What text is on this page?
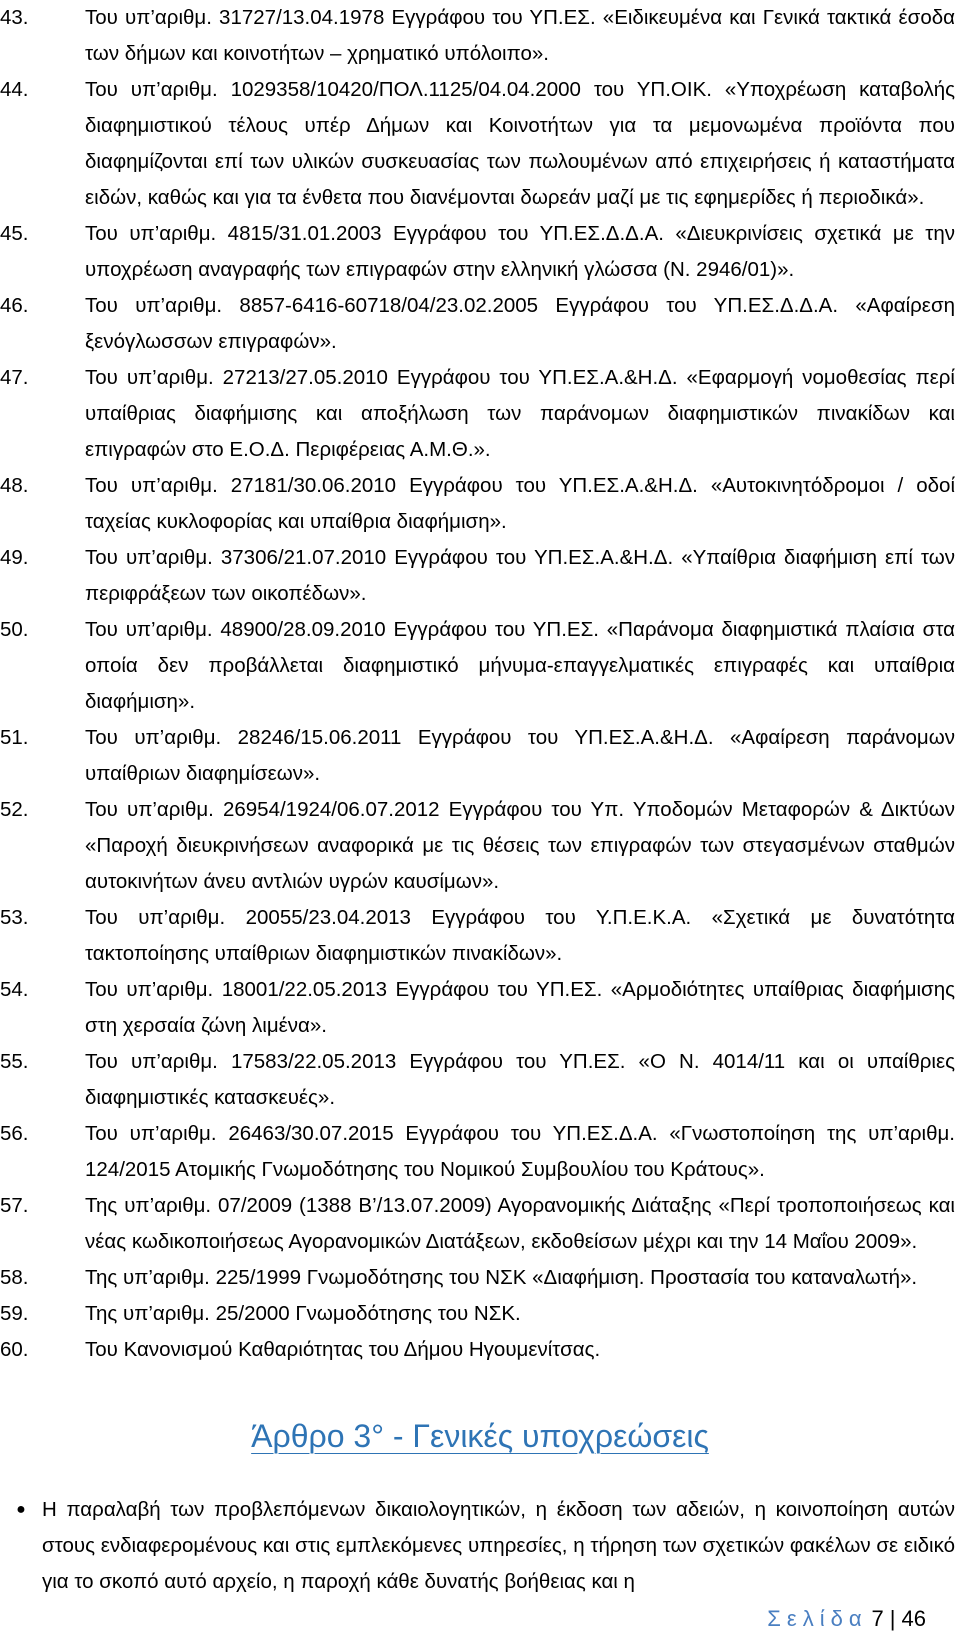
43.	Του υπ’αριθμ. 31727/13.04.1978 Εγγράφου του ΥΠ.ΕΣ. «Ειδικευμένα και Γενικά τακτικά έσοδα των δήμων και κοινοτήτων – χρηματικό υπόλοιπο».
44.	Του υπ’αριθμ. 1029358/10420/ΠΟΛ.1125/04.04.2000 του ΥΠ.ΟΙΚ. «Υποχρέωση καταβολής διαφημιστικού τέλους υπέρ Δήμων και Κοινοτήτων για τα μεμονωμένα προϊόντα που διαφημίζονται επί των υλικών συσκευασίας των πωλουμένων από επιχειρήσεις ή καταστήματα ειδών, καθώς και για τα ένθετα που διανέμονται δωρεάν μαζί με τις εφημερίδες ή περιοδικά».
45.	Του υπ’αριθμ. 4815/31.01.2003 Εγγράφου του ΥΠ.ΕΣ.Δ.Δ.Α. «Διευκρινίσεις σχετικά με την υποχρέωση αναγραφής των επιγραφών στην ελληνική γλώσσα (Ν. 2946/01)».
46.	Του υπ’αριθμ. 8857-6416-60718/04/23.02.2005 Εγγράφου του ΥΠ.ΕΣ.Δ.Δ.Α. «Αφαίρεση ξενόγλωσσων επιγραφών».
47.	Του υπ’αριθμ. 27213/27.05.2010 Εγγράφου του ΥΠ.ΕΣ.Α.&Η.Δ. «Εφαρμογή νομοθεσίας περί υπαίθριας διαφήμισης και αποξήλωση των παράνομων διαφημιστικών πινακίδων και επιγραφών στο Ε.Ο.Δ. Περιφέρειας Α.Μ.Θ.».
48.	Του υπ’αριθμ. 27181/30.06.2010 Εγγράφου του ΥΠ.ΕΣ.Α.&Η.Δ. «Αυτοκινητόδρομοι / οδοί ταχείας κυκλοφορίας και υπαίθρια διαφήμιση».
49.	Του υπ’αριθμ. 37306/21.07.2010 Εγγράφου του ΥΠ.ΕΣ.Α.&Η.Δ. «Υπαίθρια διαφήμιση επί των περιφράξεων των οικοπέδων».
50.	Του υπ’αριθμ. 48900/28.09.2010 Εγγράφου του ΥΠ.ΕΣ. «Παράνομα διαφημιστικά πλαίσια στα οποία δεν προβάλλεται διαφημιστικό μήνυμα-επαγγελματικές επιγραφές και υπαίθρια διαφήμιση».
51.	Του υπ’αριθμ. 28246/15.06.2011 Εγγράφου του ΥΠ.ΕΣ.Α.&Η.Δ. «Αφαίρεση παράνομων υπαίθριων διαφημίσεων».
52.	Του υπ’αριθμ. 26954/1924/06.07.2012 Εγγράφου του Υπ. Υποδομών Μεταφορών & Δικτύων «Παροχή διευκρινήσεων αναφορικά με τις θέσεις των επιγραφών των στεγασμένων σταθμών αυτοκινήτων άνευ αντλιών υγρών καυσίμων».
53.	Του υπ’αριθμ. 20055/23.04.2013 Εγγράφου του Υ.Π.Ε.Κ.Α. «Σχετικά με δυνατότητα τακτοποίησης υπαίθριων διαφημιστικών πινακίδων».
54.	Του υπ’αριθμ. 18001/22.05.2013 Εγγράφου του ΥΠ.ΕΣ. «Αρμοδιότητες υπαίθριας διαφήμισης στη χερσαία ζώνη λιμένα».
55.	Του υπ’αριθμ. 17583/22.05.2013 Εγγράφου του ΥΠ.ΕΣ. «Ο Ν. 4014/11 και οι υπαίθριες διαφημιστικές κατασκευές».
56.	Του υπ’αριθμ. 26463/30.07.2015 Εγγράφου του ΥΠ.ΕΣ.Δ.Α. «Γνωστοποίηση της υπ’αριθμ. 124/2015 Ατομικής Γνωμοδότησης του Νομικού Συμβουλίου του Κράτους».
57.	Της υπ’αριθμ. 07/2009 (1388 Β’/13.07.2009) Αγορανομικής Διάταξης «Περί τροποποιήσεως και νέας κωδικοποιήσεως Αγορανομικών Διατάξεων, εκδοθείσων μέχρι και την 14 Μαΐου 2009».
58.	Της υπ’αριθμ. 225/1999 Γνωμοδότησης του ΝΣΚ «Διαφήμιση. Προστασία του καταναλωτή».
59.	Της υπ’αριθμ. 25/2000 Γνωμοδότησης του ΝΣΚ.
60.	Του Κανονισμού Καθαριότητας του Δήμου Ηγουμενίτσας.
Άρθρο 3° - Γενικές υποχρεώσεις
● Η παραλαβή των προβλεπόμενων δικαιολογητικών, η έκδοση των αδειών, η κοινοποίηση αυτών στους ενδιαφερομένους και στις εμπλεκόμενες υπηρεσίες, η τήρηση των σχετικών φακέλων σε ειδικό για το σκοπό αυτό αρχείο, η παροχή κάθε δυνατής βοήθειας και η
Σελίδα 7 | 46
